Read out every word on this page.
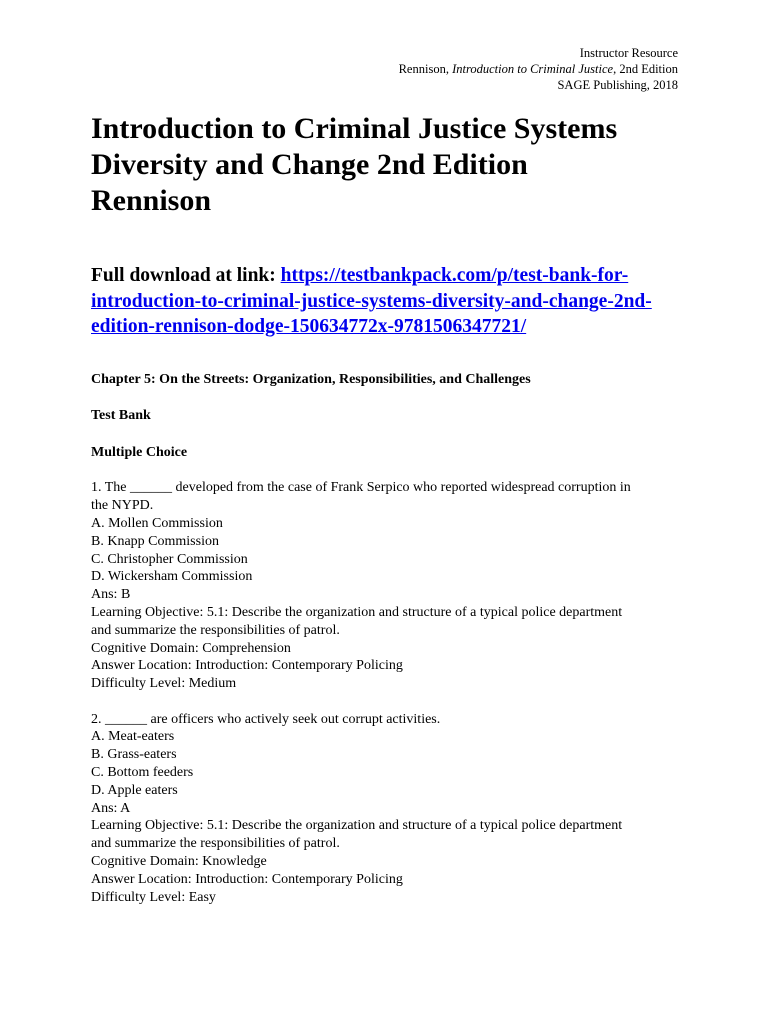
Instructor Resource
Rennison, Introduction to Criminal Justice, 2nd Edition
SAGE Publishing, 2018
Introduction to Criminal Justice Systems
Diversity and Change 2nd Edition
Rennison
Full download at link: https://testbankpack.com/p/test-bank-for-
introduction-to-criminal-justice-systems-diversity-and-change-2nd-
edition-rennison-dodge-150634772x-9781506347721/
Chapter 5: On the Streets: Organization, Responsibilities, and Challenges
Test Bank
Multiple Choice
1. The ______ developed from the case of Frank Serpico who reported widespread corruption in
the NYPD.
A. Mollen Commission
B. Knapp Commission
C. Christopher Commission
D. Wickersham Commission
Ans: B
Learning Objective: 5.1: Describe the organization and structure of a typical police department
and summarize the responsibilities of patrol.
Cognitive Domain: Comprehension
Answer Location: Introduction: Contemporary Policing
Difficulty Level: Medium
2. ______ are officers who actively seek out corrupt activities.
A. Meat-eaters
B. Grass-eaters
C. Bottom feeders
D. Apple eaters
Ans: A
Learning Objective: 5.1: Describe the organization and structure of a typical police department
and summarize the responsibilities of patrol.
Cognitive Domain: Knowledge
Answer Location: Introduction: Contemporary Policing
Difficulty Level: Easy
